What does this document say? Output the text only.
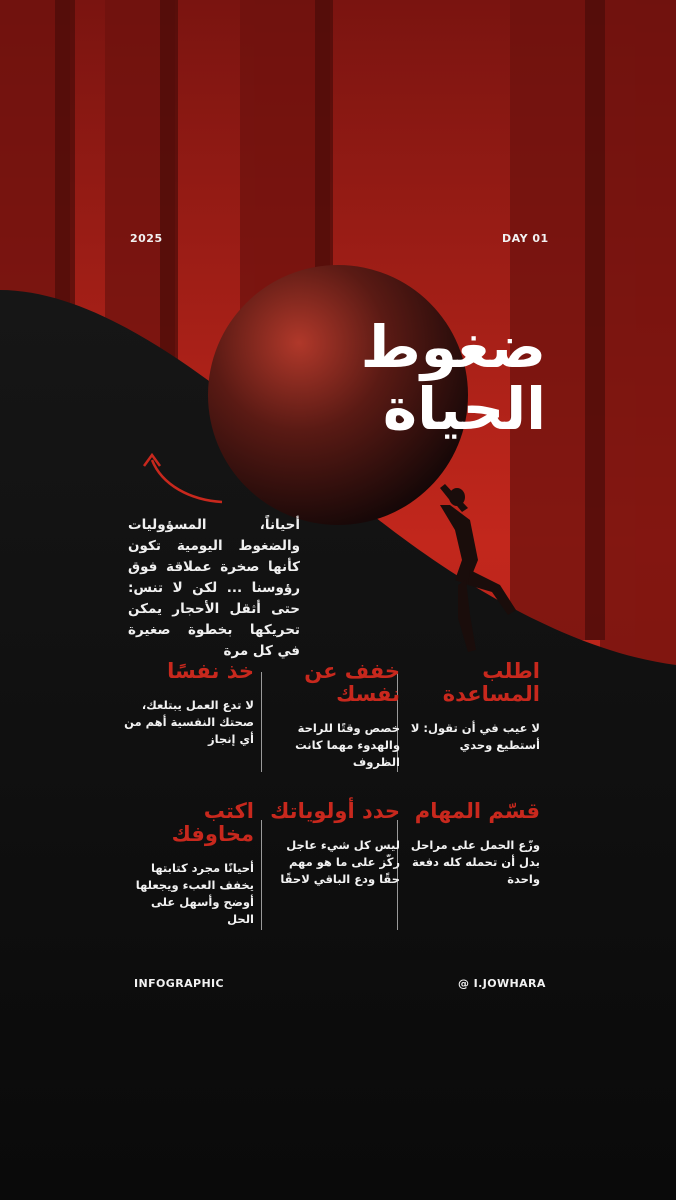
2025	DAY 01
ضغوط
الحياة
أحياناً، المسؤوليات والضغوط اليومية تكون كأنها صخرة عملاقة فوق رؤوسنا ... لكن لا تنس: حتى أثقل الأحجار يمكن تحريكها بخطوة صغيرة في كل مرة
اطلب المساعدة
لا عيب في أن تقول: لا أستطيع وحدي
خفف عن نفسك
خصص وقتًا للراحة والهدوء مهما كانت الظروف
خذ نفسًا
لا تدع العمل يبتلعك، صحتك النفسية أهم من أي إنجاز
قسّم المهام
وزّع الحمل على مراحل بدل أن تحمله كله دفعة واحدة
حدد أولوياتك
ليس كل شيء عاجل ركّز على ما هو مهم حقًا ودع الباقي لاحقًا
اكتب مخاوفك
أحيانًا مجرد كتابتها يخفف العبء ويجعلها أوضح وأسهل على الحل
INFOGRAPHIC	@ I.JOWHARA
